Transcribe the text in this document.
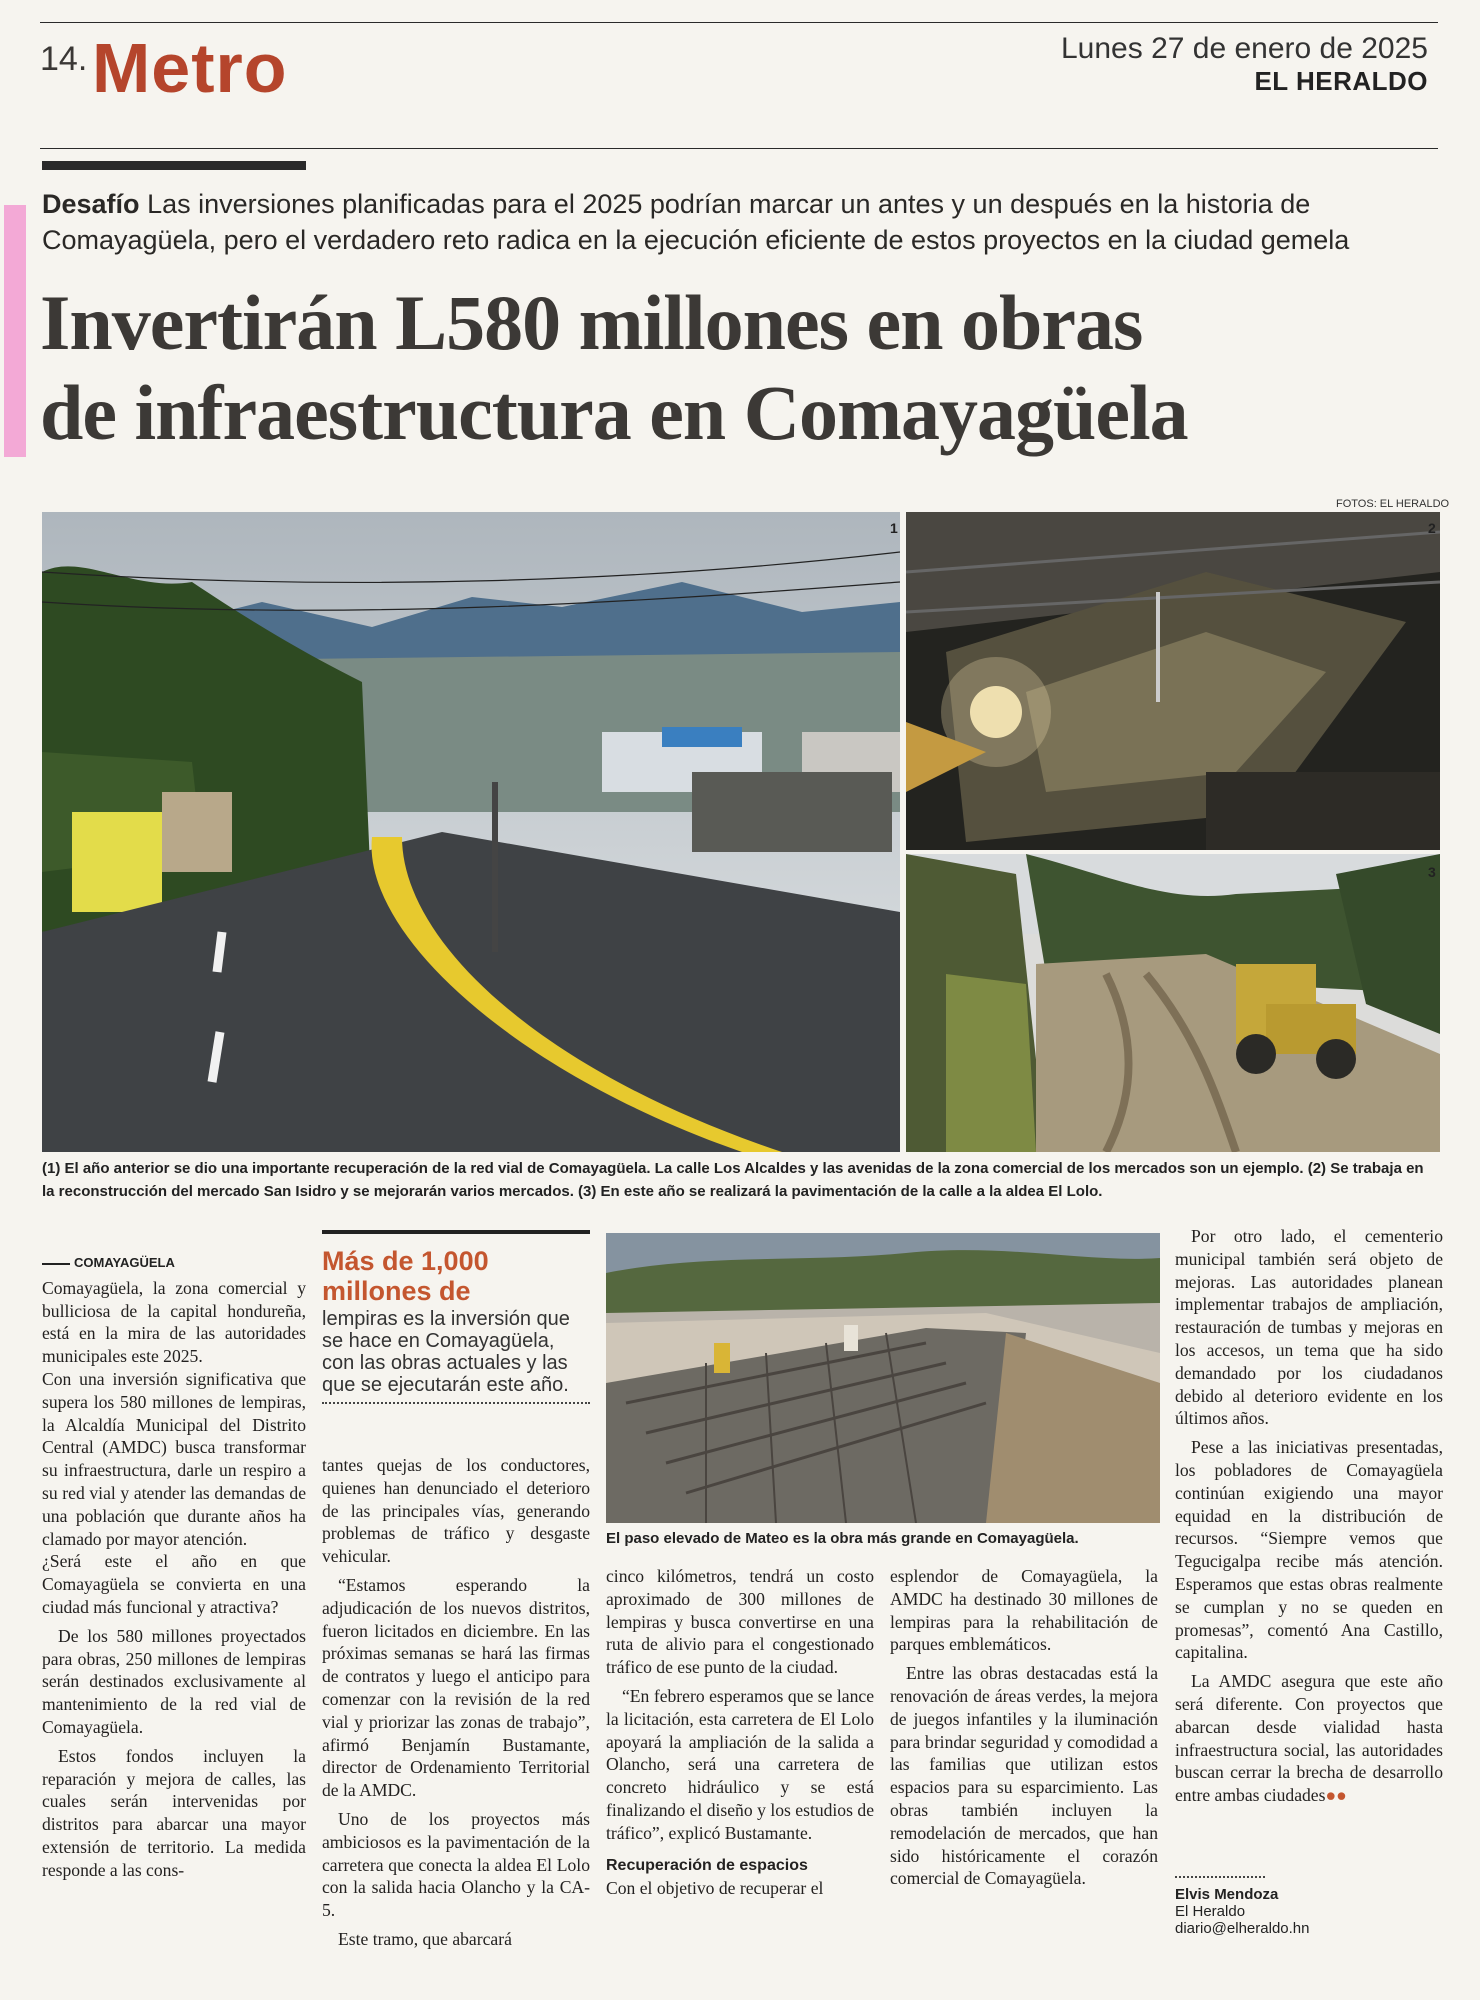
14. Metro	Lunes 27 de enero de 2025
EL HERALDO
Desafío Las inversiones planificadas para el 2025 podrían marcar un antes y un después en la historia de Comayagüela, pero el verdadero reto radica en la ejecución eficiente de estos proyectos en la ciudad gemela
Invertirán L580 millones en obras
de infraestructura en Comayagüela
FOTOS: EL HERALDO
1	2
3
(1) El año anterior se dio una importante recuperación de la red vial de Comayagüela. La calle Los Alcaldes y las avenidas de la zona comercial de los mercados son un ejemplo. (2) Se trabaja en la reconstrucción del mercado San Isidro y se mejorarán varios mercados. (3) En este año se realizará la pavimentación de la calle a la aldea El Lolo.
COMAYAGÜELA

Comayagüela, la zona comercial y bulliciosa de la capital hondureña, está en la mira de las autoridades municipales este 2025.

Con una inversión significativa que supera los 580 millones de lempiras, la Alcaldía Municipal del Distrito Central (AMDC) busca transformar su infraestructura, darle un respiro a su red vial y atender las demandas de una población que durante años ha clamado por mayor atención.

¿Será este el año en que Comayagüela se convierta en una ciudad más funcional y atractiva?

De los 580 millones proyectados para obras, 250 millones de lempiras serán destinados exclusivamente al mantenimiento de la red vial de Comayagüela.

Estos fondos incluyen la reparación y mejora de calles, las cuales serán intervenidas por distritos para abarcar una mayor extensión de territorio. La medida responde a las cons-

Más de 1,000 millones de
lempiras es la inversión que se hace en Comayagüela, con las obras actuales y las que se ejecutarán este año.

tantes quejas de los conductores, quienes han denunciado el deterioro de las principales vías, generando problemas de tráfico y desgaste vehicular.

“Estamos esperando la adjudicación de los nuevos distritos, fueron licitados en diciembre. En las próximas semanas se hará las firmas de contratos y luego el anticipo para comenzar con la revisión de la red vial y priorizar las zonas de trabajo”, afirmó Benjamín Bustamante, director de Ordenamiento Territorial de la AMDC.

Uno de los proyectos más ambiciosos es la pavimentación de la carretera que conecta la aldea El Lolo con la salida hacia Olancho y la CA-5.

Este tramo, que abarcará

El paso elevado de Mateo es la obra más grande en Comayagüela.

cinco kilómetros, tendrá un costo aproximado de 300 millones de lempiras y busca convertirse en una ruta de alivio para el congestionado tráfico de ese punto de la ciudad.

“En febrero esperamos que se lance la licitación, esta carretera de El Lolo apoyará la ampliación de la salida a Olancho, será una carretera de concreto hidráulico y se está finalizando el diseño y los estudios de tráfico”, explicó Bustamante.

Recuperación de espacios

Con el objetivo de recuperar el

esplendor de Comayagüela, la AMDC ha destinado 30 millones de lempiras para la rehabilitación de parques emblemáticos.

Entre las obras destacadas está la renovación de áreas verdes, la mejora de juegos infantiles y la iluminación para brindar seguridad y comodidad a las familias que utilizan estos espacios para su esparcimiento. Las obras también incluyen la remodelación de mercados, que han sido históricamente el corazón comercial de Comayagüela.

Por otro lado, el cementerio municipal también será objeto de mejoras. Las autoridades planean implementar trabajos de ampliación, restauración de tumbas y mejoras en los accesos, un tema que ha sido demandado por los ciudadanos debido al deterioro evidente en los últimos años.

Pese a las iniciativas presentadas, los pobladores de Comayagüela continúan exigiendo una mayor equidad en la distribución de recursos. “Siempre vemos que Tegucigalpa recibe más atención. Esperamos que estas obras realmente se cumplan y no se queden en promesas”, comentó Ana Castillo, capitalina.

La AMDC asegura que este año será diferente. Con proyectos que abarcan desde vialidad hasta infraestructura social, las autoridades buscan cerrar la brecha de desarrollo entre ambas ciudades●●

Elvis Mendoza
El Heraldo
diario@elheraldo.hn
